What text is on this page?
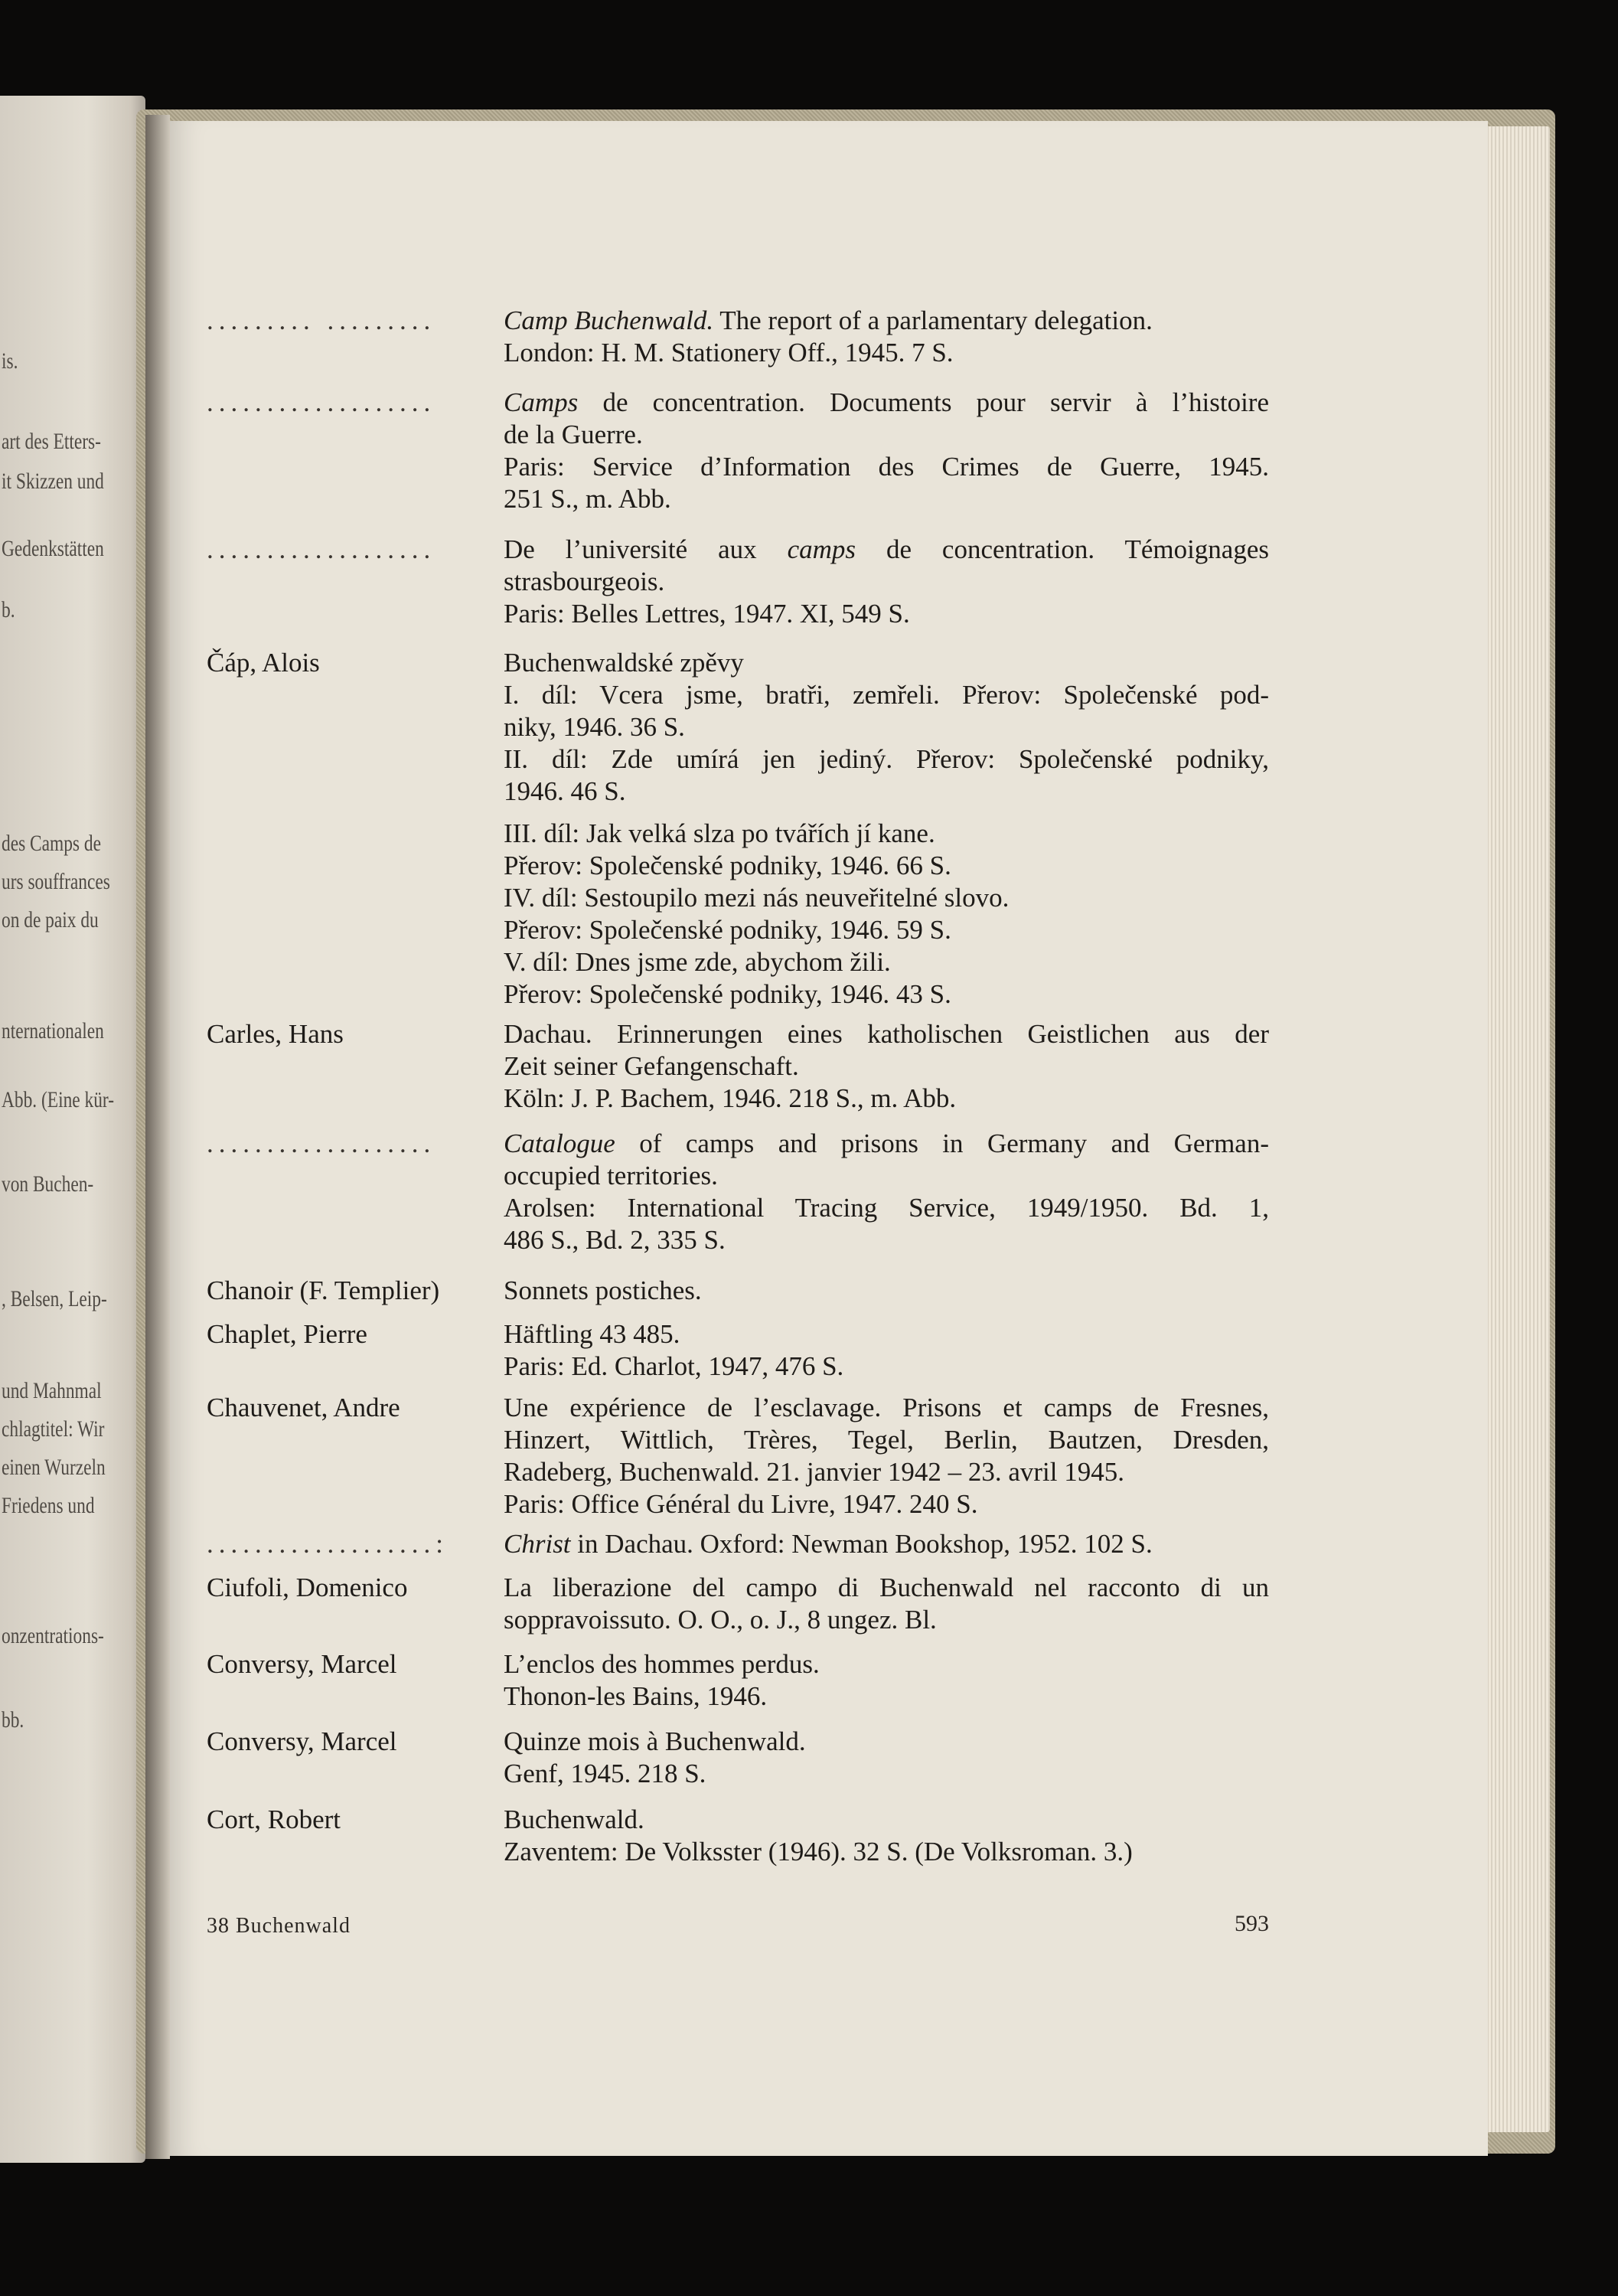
is.
art des Etters-
it Skizzen und
Gedenkstätten
b.
des Camps de
urs souffrances
on de paix du
nternationalen
Abb. (Eine kür-
von Buchen-
, Belsen, Leip-
und Mahnmal
chlagtitel: Wir
einen Wurzeln
Friedens und
onzentrations-
bb.
......... .........	Camp Buchenwald. The report of a parlamentary delegation.
London: H. M. Stationery Off., 1945. 7 S.
...................	Camps de concentration. Documents pour servir à l’histoire
de la Guerre.
Paris: Service d’Information des Crimes de Guerre, 1945.
251 S., m. Abb.
...................	De l’université aux camps de concentration. Témoignages
strasbourgeois.
Paris: Belles Lettres, 1947. XI, 549 S.
Čáp, Alois	Buchenwaldské zpěvy
I. díl: Vcera jsme, bratři, zemřeli. Přerov: Společenské pod-
niky, 1946. 36 S.
II. díl: Zde umírá jen jediný. Přerov: Společenské podniky,
1946. 46 S.
III. díl: Jak velká slza po tvářích jí kane.
Přerov: Společenské podniky, 1946. 66 S.
IV. díl: Sestoupilo mezi nás neuveřitelné slovo.
Přerov: Společenské podniky, 1946. 59 S.
V. díl: Dnes jsme zde, abychom žili.
Přerov: Společenské podniky, 1946. 43 S.
Carles, Hans	Dachau. Erinnerungen eines katholischen Geistlichen aus der
Zeit seiner Gefangenschaft.
Köln: J. P. Bachem, 1946. 218 S., m. Abb.
...................	Catalogue of camps and prisons in Germany and German-
occupied territories.
Arolsen: International Tracing Service, 1949/1950. Bd. 1,
486 S., Bd. 2, 335 S.
Chanoir (F. Templier) Sonnets postiches.
Chaplet, Pierre	Häftling 43 485.
Paris: Ed. Charlot, 1947, 476 S.
Chauvenet, Andre	Une expérience de l’esclavage. Prisons et camps de Fresnes,
Hinzert, Wittlich, Trères, Tegel, Berlin, Bautzen, Dresden,
Radeberg, Buchenwald. 21. janvier 1942 – 23. avril 1945.
Paris: Office Général du Livre, 1947. 240 S.
...................: Christ in Dachau. Oxford: Newman Bookshop, 1952. 102 S.
Ciufoli, Domenico	La liberazione del campo di Buchenwald nel racconto di un
soppravoissuto. O. O., o. J., 8 ungez. Bl.
Conversy, Marcel	L’enclos des hommes perdus.
Thonon-les Bains, 1946.
Conversy, Marcel	Quinze mois à Buchenwald.
Genf, 1945. 218 S.
Cort, Robert	Buchenwald.
Zaventem: De Volksster (1946). 32 S. (De Volksroman. 3.)
38 Buchenwald	593
